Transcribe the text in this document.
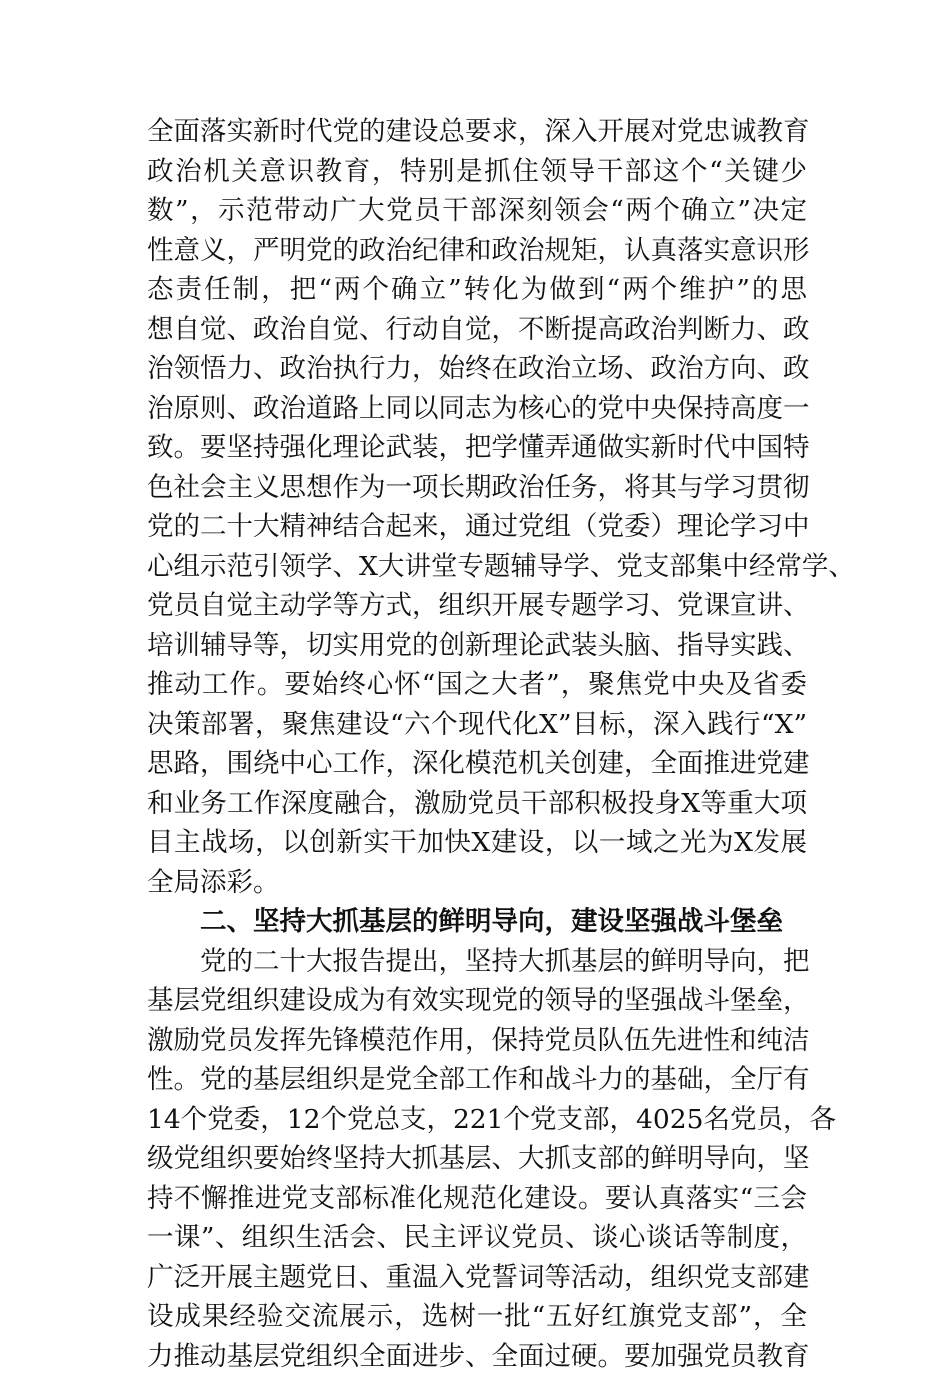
全面落实新时代党的建设总要求，深入开展对党忠诚教育
政治机关意识教育，特别是抓住领导干部这个“关键少
数”，示范带动广大党员干部深刻领会“两个确立”决定
性意义，严明党的政治纪律和政治规矩，认真落实意识形
态责任制，把“两个确立”转化为做到“两个维护”的思
想自觉、政治自觉、行动自觉，不断提高政治判断力、政
治领悟力、政治执行力，始终在政治立场、政治方向、政
治原则、政治道路上同以同志为核心的党中央保持高度一
致。要坚持强化理论武装，把学懂弄通做实新时代中国特
色社会主义思想作为一项长期政治任务，将其与学习贯彻
党的二十大精神结合起来，通过党组（党委）理论学习中
心组示范引领学、X大讲堂专题辅导学、党支部集中经常学、
党员自觉主动学等方式，组织开展专题学习、党课宣讲、
培训辅导等，切实用党的创新理论武装头脑、指导实践、
推动工作。要始终心怀“国之大者”，聚焦党中央及省委
决策部署，聚焦建设“六个现代化X”目标，深入践行“X”
思路，围绕中心工作，深化模范机关创建，全面推进党建
和业务工作深度融合，激励党员干部积极投身X等重大项
目主战场，以创新实干加快X建设，以一域之光为X发展
全局添彩。
二、坚持大抓基层的鲜明导向，建设坚强战斗堡垒
党的二十大报告提出，坚持大抓基层的鲜明导向，把
基层党组织建设成为有效实现党的领导的坚强战斗堡垒，
激励党员发挥先锋模范作用，保持党员队伍先进性和纯洁
性。党的基层组织是党全部工作和战斗力的基础，全厅有
14个党委，12个党总支，221个党支部，4025名党员，各
级党组织要始终坚持大抓基层、大抓支部的鲜明导向，坚
持不懈推进党支部标准化规范化建设。要认真落实“三会
一课”、组织生活会、民主评议党员、谈心谈话等制度，
广泛开展主题党日、重温入党誓词等活动，组织党支部建
设成果经验交流展示，选树一批“五好红旗党支部”，全
力推动基层党组织全面进步、全面过硬。要加强党员教育
